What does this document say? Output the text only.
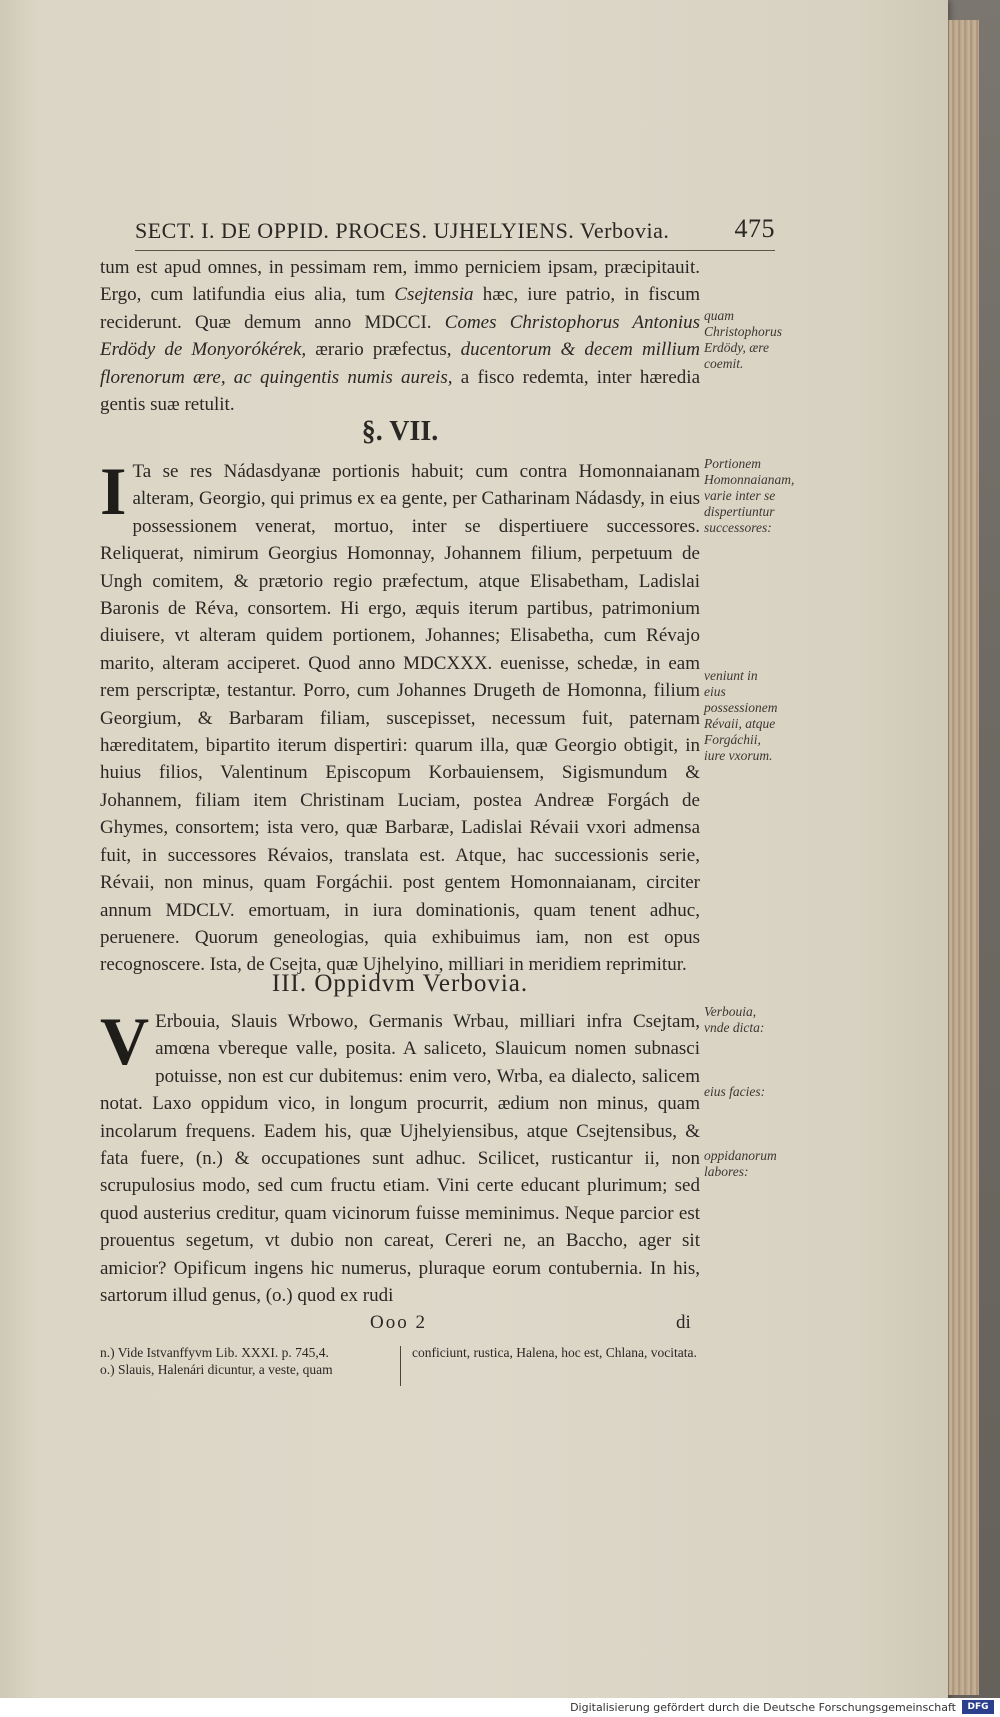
SECT. I. DE OPPID. PROCES. UJHELYIENS. Verbovia.	475

tum est apud omnes, in pessimam rem, immo perniciem ipsam, præcipitauit. Ergo, cum latifundia eius alia, tum Csejtensia hæc, iure patrio, in fiscum reciderunt. Quæ demum anno MDCCI. Comes Christophorus Antonius Erdödy de Monyorókérek, ærario præfectus, ducentorum & decem millium florenorum ære, ac quingentis numis aureis, a fisco redemta, inter hæredia gentis suæ retulit.

§. VII.

I Ta se res Nádasdyanæ portionis habuit; cum contra Homonnaianam alteram, Georgio, qui primus ex ea gente, per Catharinam Nádasdy, in eius possessionem venerat, mortuo, inter se dispertiuere successores. Reliquerat, nimirum Georgius Homonnay, Johannem filium, perpetuum de Ungh comitem, & prætorio regio præfectum, atque Elisabetham, Ladislai Baronis de Réva, consortem. Hi ergo, æquis iterum partibus, patrimonium diuisere, vt alteram quidem portionem, Johannes; Elisabetha, cum Révajo marito, alteram acciperet. Quod anno MDCXXX. euenisse, schedæ, in eam rem perscriptæ, testantur. Porro, cum Johannes Drugeth de Homonna, filium Georgium, & Barbaram filiam, suscepisset, necessum fuit, paternam hæreditatem, bipartito iterum dispertiri: quarum illa, quæ Georgio obtigit, in huius filios, Valentinum Episcopum Korbauiensem, Sigismundum & Johannem, filiam item Christinam Luciam, postea Andreæ Forgách de Ghymes, consortem; ista vero, quæ Barbaræ, Ladislai Révaii vxori admensa fuit, in successores Révaios, translata est. Atque, hac successionis serie, Révaii, non minus, quam Forgáchii. post gentem Homonnaianam, circiter annum MDCLV. emortuam, in iura dominationis, quam tenent adhuc, peruenere. Quorum geneologias, quia exhibuimus iam, non est opus recognoscere. Ista, de Csejta, quæ Ujhelyino, milliari in meridiem reprimitur.

III. Oppidvm Verbovia.

V Erbouia, Slauis Wrbowo, Germanis Wrbau, milliari infra Csejtam, amœna vbereque valle, posita. A saliceto, Slauicum nomen subnasci potuisse, non est cur dubitemus: enim vero, Wrba, ea dialecto, salicem notat. Laxo oppidum vico, in longum procurrit, ædium non minus, quam incolarum frequens. Eadem his, quæ Ujhelyiensibus, atque Csejtensibus, & fata fuere, (n.) & occupationes sunt adhuc. Scilicet, rusticantur ii, non scrupulosius modo, sed cum fructu etiam. Vini certe educant plurimum; sed quod austerius creditur, quam vicinorum fuisse meminimus. Neque parcior est prouentus segetum, vt dubio non careat, Cereri ne, an Baccho, ager sit amicior? Opificum ingens hic numerus, pluraque eorum contubernia. In his, sartorum illud genus, (o.) quod ex rudi

quam Christophorus Erdödy, ære coemit.
Portionem Homonnaianam, varie inter se dispertiuntur successores:
veniunt in eius possessionem Révaii, atque Forgáchii, iure vxorum.
Verbouia, vnde dicta:
eius facies:
oppidanorum labores:
Ooo 2	di
n.) Vide Istvanffyvm Lib. XXXI. p. 745,4.
o.) Slauis, Halenári dicuntur, a veste, quam
conficiunt, rustica, Halena, hoc est, Chlana, vocitata.
Digitalisierung gefördert durch die Deutsche Forschungsgemeinschaft	DFG
